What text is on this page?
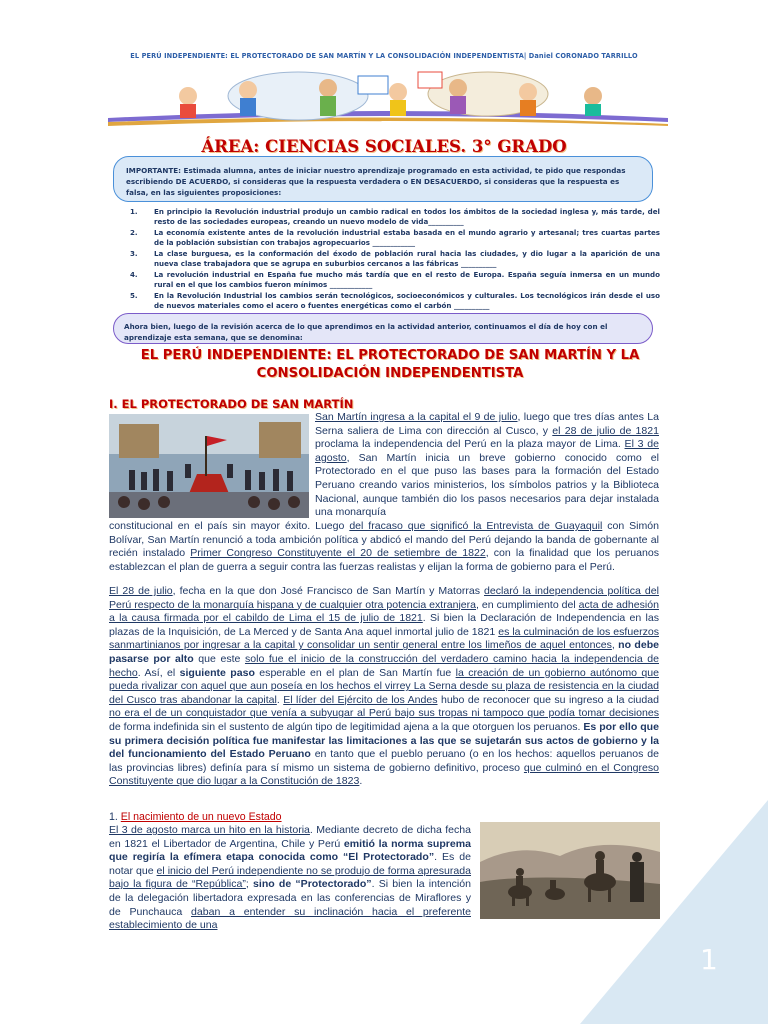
1
EL PERÚ INDEPENDIENTE: EL PROTECTORADO DE SAN MARTÍN Y LA CONSOLIDACIÓN INDEPENDENTISTA| Daniel CORONADO TARRILLO
ÁREA: CIENCIAS SOCIALES. 3° GRADO
IMPORTANTE: Estimada alumna, antes de iniciar nuestro aprendizaje programado en esta actividad, te pido que respondas escribiendo DE ACUERDO, si consideras que la respuesta verdadera o EN DESACUERDO, si consideras que la respuesta es falsa, en las siguientes proposiciones:
1.	En principio la Revolución industrial produjo un cambio radical en todos los ámbitos de la sociedad inglesa y, más tarde, del resto de las sociedades europeas, creando un nuevo modelo de vida__________
2.	La economía existente antes de la revolución industrial estaba basada en el mundo agrario y artesanal; tres cuartas partes de la población subsistían con trabajos agropecuarios ____________
3.	La clase burguesa, es la conformación del éxodo de población rural hacia las ciudades, y dio lugar a la aparición de una nueva clase trabajadora que se agrupa en suburbios cercanos a las fábricas __________
4.	La revolución industrial en España fue mucho más tardía que en el resto de Europa. España seguía inmersa en un mundo rural en el que los cambios fueron mínimos ____________
5.	En la Revolución Industrial los cambios serán tecnológicos, socioeconómicos y culturales. Los tecnológicos irán desde el uso de nuevos materiales como el acero o fuentes energéticas como el carbón __________
Ahora bien, luego de la revisión acerca de lo que aprendimos en la actividad anterior, continuamos el día de hoy con el aprendizaje esta semana, que se denomina:
EL PERÚ INDEPENDIENTE: EL PROTECTORADO DE SAN MARTÍN Y LA
CONSOLIDACIÓN INDEPENDENTISTA
I. EL PROTECTORADO DE SAN MARTÍN
San Martín ingresa a la capital el 9 de julio, luego que tres días antes La Serna saliera de Lima con dirección al Cusco, y el 28 de julio de 1821 proclama la independencia del Perú en la plaza mayor de Lima. El 3 de agosto, San Martín inicia un breve gobierno conocido como el Protectorado en el que puso las bases para la formación del Estado Peruano creando varios ministerios, los símbolos patrios y la Biblioteca Nacional, aunque también dio los pasos necesarios para dejar instalada una monarquía
constitucional en el país sin mayor éxito. Luego del fracaso que significó la Entrevista de Guayaquil con Simón Bolívar, San Martín renunció a toda ambición política y abdicó el mando del Perú dejando la banda de gobernante al recién instalado Primer Congreso Constituyente el 20 de setiembre de 1822, con la finalidad que los peruanos establezcan el plan de guerra a seguir contra las fuerzas realistas y elijan la forma de gobierno para el Perú.
El 28 de julio, fecha en la que don José Francisco de San Martín y Matorras declaró la independencia política del Perú respecto de la monarquía hispana y de cualquier otra potencia extranjera, en cumplimiento del acta de adhesión a la causa firmada por el cabildo de Lima el 15 de julio de 1821. Si bien la Declaración de Independencia en las plazas de la Inquisición, de La Merced y de Santa Ana aquel inmortal julio de 1821 es la culminación de los esfuerzos sanmartinianos por ingresar a la capital y consolidar un sentir general entre los limeños de aquel entonces, no debe pasarse por alto que este solo fue el inicio de la construcción del verdadero camino hacia la independencia de hecho. Así, el siguiente paso esperable en el plan de San Martín fue la creación de un gobierno autónomo que pueda rivalizar con aquel que aun poseía en los hechos el virrey La Serna desde su plaza de resistencia en la ciudad del Cusco tras abandonar la capital. El líder del Ejército de los Andes hubo de reconocer que su ingreso a la ciudad no era el de un conquistador que venía a subyugar al Perú bajo sus tropas ni tampoco que podía tomar decisiones de forma indefinida sin el sustento de algún tipo de legitimidad ajena a la que otorguen los peruanos. Es por ello que su primera decisión política fue manifestar las limitaciones a las que se sujetarán sus actos de gobierno y la del funcionamiento del Estado Peruano en tanto que el pueblo peruano (o en los hechos: aquellos peruanos de las provincias libres) definía para sí mismo un sistema de gobierno definitivo, proceso que culminó en el Congreso Constituyente que dio lugar a la Constitución de 1823.
1. El nacimiento de un nuevo Estado
El 3 de agosto marca un hito en la historia. Mediante decreto de dicha fecha en 1821 el Libertador de Argentina, Chile y Perú emitió la norma suprema que regiría la efímera etapa conocida como “El Protectorado”. Es de notar que el inicio del Perú independiente no se produjo de forma apresurada bajo la figura de “República”; sino de “Protectorado”. Si bien la intención de la delegación libertadora expresada en las conferencias de Miraflores y de Punchauca daban a entender su inclinación hacia el preferente establecimiento de una
